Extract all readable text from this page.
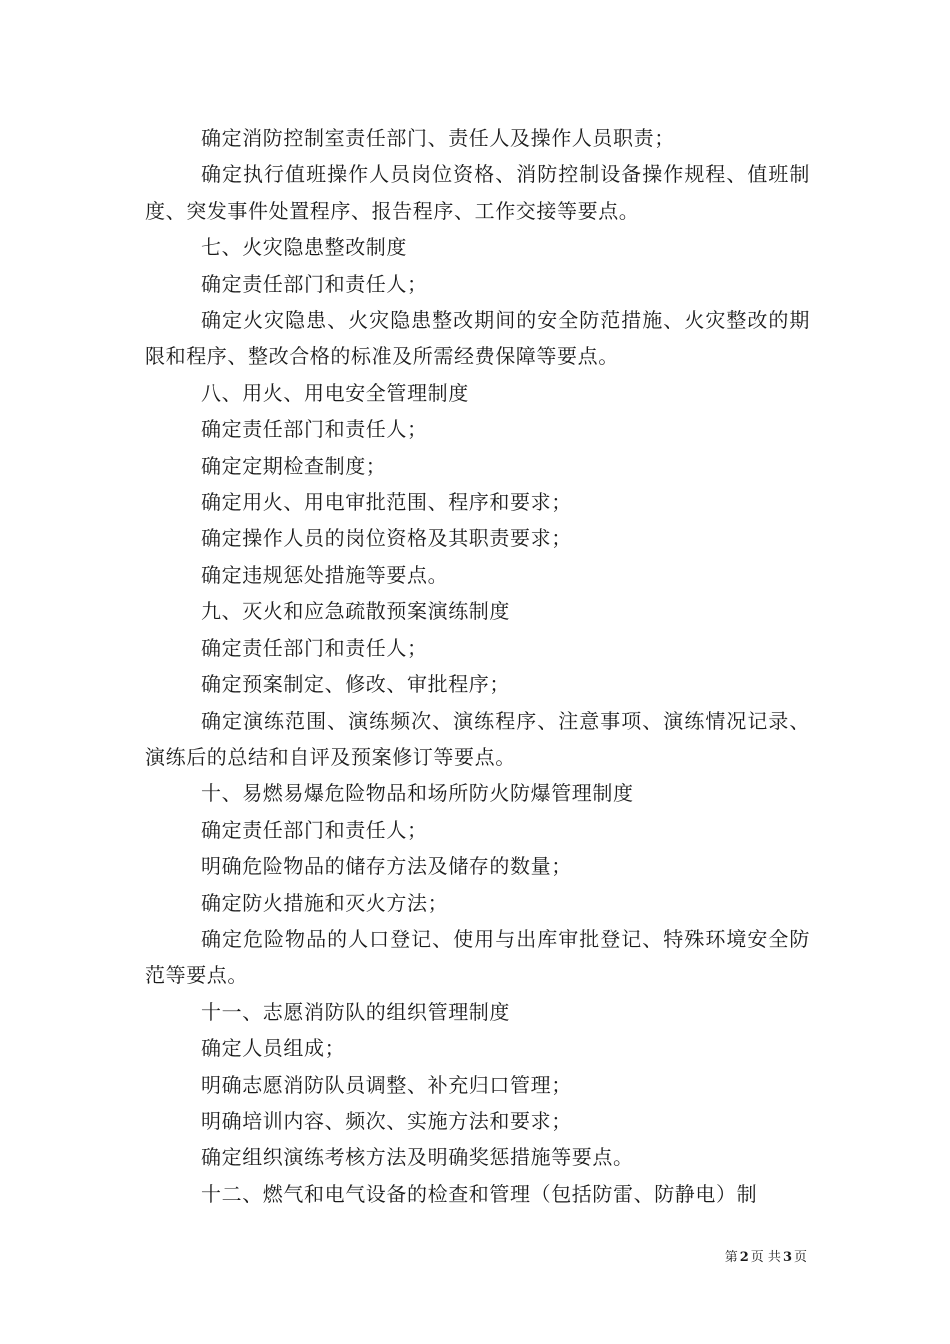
确定消防控制室责任部门、责任人及操作人员职责；

确定执行值班操作人员岗位资格、消防控制设备操作规程、值班制度、突发事件处置程序、报告程序、工作交接等要点。

七、火灾隐患整改制度

确定责任部门和责任人；

确定火灾隐患、火灾隐患整改期间的安全防范措施、火灾整改的期限和程序、整改合格的标准及所需经费保障等要点。

八、用火、用电安全管理制度

确定责任部门和责任人；

确定定期检查制度；

确定用火、用电审批范围、程序和要求；

确定操作人员的岗位资格及其职责要求；

确定违规惩处措施等要点。

九、灭火和应急疏散预案演练制度

确定责任部门和责任人；

确定预案制定、修改、审批程序；

确定演练范围、演练频次、演练程序、注意事项、演练情况记录、演练后的总结和自评及预案修订等要点。

十、易燃易爆危险物品和场所防火防爆管理制度

确定责任部门和责任人；

明确危险物品的储存方法及储存的数量；

确定防火措施和灭火方法；

确定危险物品的人口登记、使用与出库审批登记、特殊环境安全防范等要点。

十一、志愿消防队的组织管理制度

确定人员组成；

明确志愿消防队员调整、补充归口管理；

明确培训内容、频次、实施方法和要求；

确定组织演练考核方法及明确奖惩措施等要点。

十二、燃气和电气设备的检查和管理（包括防雷、防静电）制

第 2 页 共 3 页
